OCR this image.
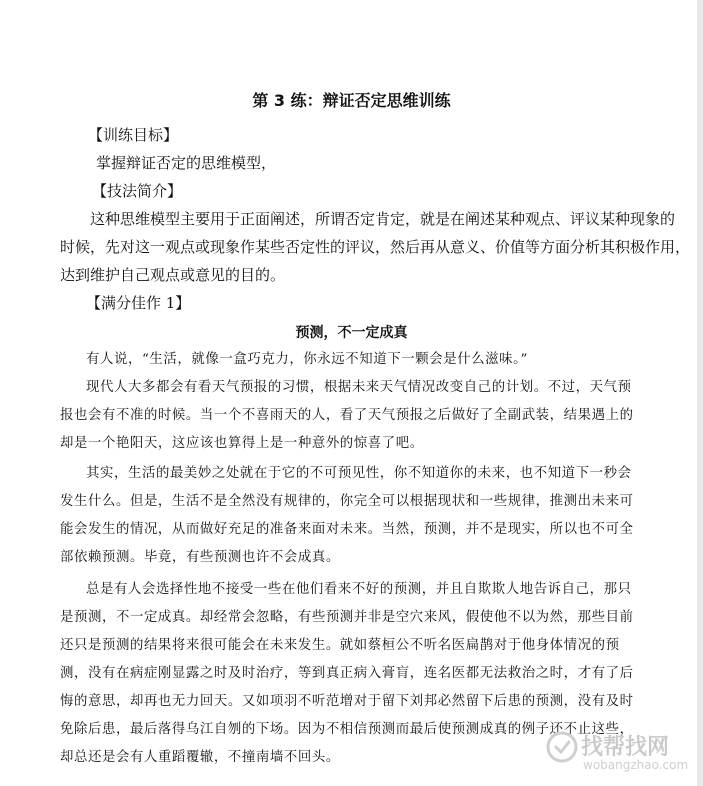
第 3 练：辩证否定思维训练
【训练目标】
掌握辩证否定的思维模型，
【技法简介】
这种思维模型主要用于正面阐述，所谓否定肯定，就是在阐述某种观点、评议某种现象的
时候，先对这一观点或现象作某些否定性的评议，然后再从意义、价值等方面分析其积极作用，
达到维护自己观点或意见的目的。
【满分佳作 1】
预测，不一定成真
有人说，“生活，就像一盒巧克力，你永远不知道下一颗会是什么滋味。”
现代人大多都会有看天气预报的习惯，根据未来天气情况改变自己的计划。不过，天气预
报也会有不准的时候。当一个不喜雨天的人，看了天气预报之后做好了全副武装，结果遇上的
却是一个艳阳天，这应该也算得上是一种意外的惊喜了吧。
其实，生活的最美妙之处就在于它的不可预见性，你不知道你的未来，也不知道下一秒会
发生什么。但是，生活不是全然没有规律的，你完全可以根据现状和一些规律，推测出未来可
能会发生的情况，从而做好充足的准备来面对未来。当然，预测，并不是现实，所以也不可全
部依赖预测。毕竟，有些预测也许不会成真。
总是有人会选择性地不接受一些在他们看来不好的预测，并且自欺欺人地告诉自己，那只
是预测，不一定成真。却经常会忽略，有些预测并非是空穴来风，假使他不以为然，那些目前
还只是预测的结果将来很可能会在未来发生。就如蔡桓公不听名医扁鹊对于他身体情况的预
测，没有在病症刚显露之时及时治疗，等到真正病入膏肓，连名医都无法救治之时，才有了后
悔的意思，却再也无力回天。又如项羽不听范增对于留下刘邦必然留下后患的预测，没有及时
免除后患，最后落得乌江自刎的下场。因为不相信预测而最后使预测成真的例子还不止这些，
却总还是会有人重蹈覆辙，不撞南墙不回头。	找帮找网
wobangzhao.com
